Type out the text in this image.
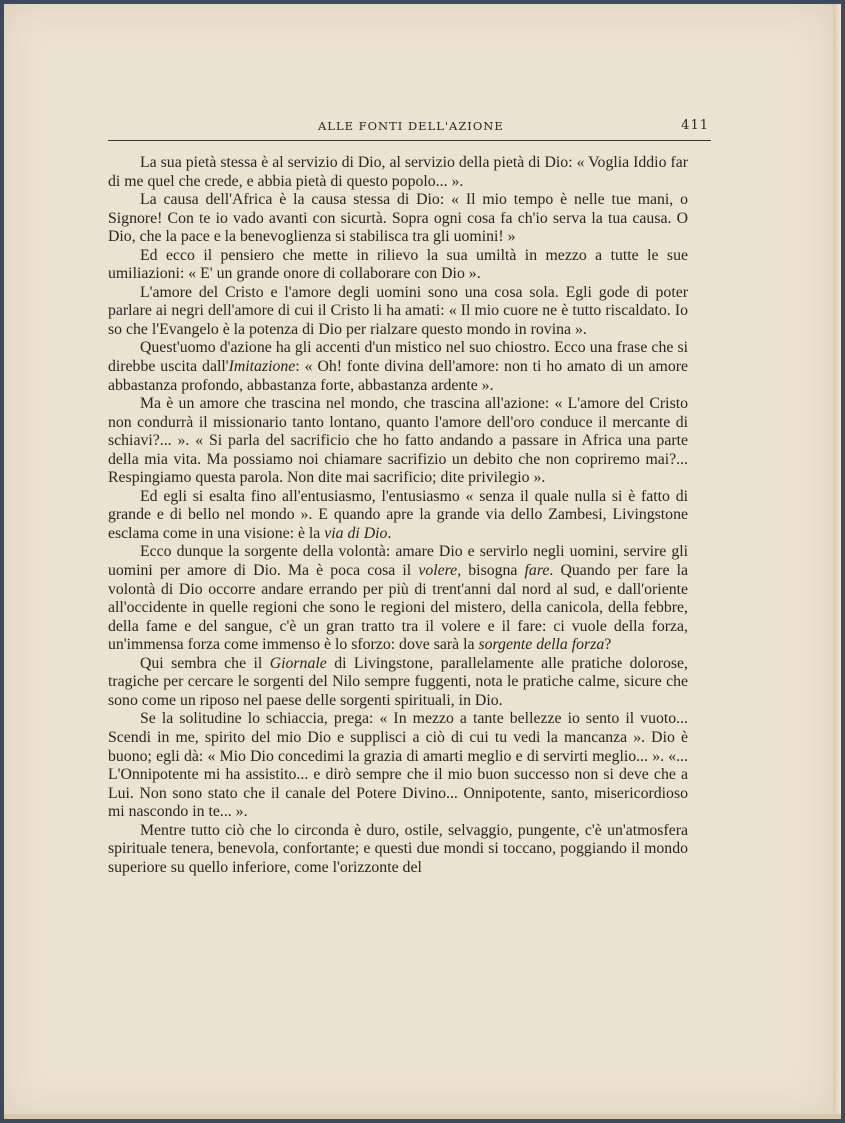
ALLE FONTI DELL'AZIONE	411

La sua pietà stessa è al servizio di Dio, al servizio della pietà di Dio: « Voglia Iddio far di me quel che crede, e abbia pietà di questo popolo... ».

La causa dell'Africa è la causa stessa di Dio: « Il mio tempo è nelle tue mani, o Signore! Con te io vado avanti con sicurtà. Sopra ogni cosa fa ch'io serva la tua causa. O Dio, che la pace e la benevoglienza si stabilisca tra gli uomini! »

Ed ecco il pensiero che mette in rilievo la sua umiltà in mezzo a tutte le sue umiliazioni: « E' un grande onore di collaborare con Dio ».

L'amore del Cristo e l'amore degli uomini sono una cosa sola. Egli gode di poter parlare ai negri dell'amore di cui il Cristo li ha amati: « Il mio cuore ne è tutto riscaldato. Io so che l'Evangelo è la potenza di Dio per rialzare questo mondo in rovina ».

Quest'uomo d'azione ha gli accenti d'un mistico nel suo chiostro. Ecco una frase che si direbbe uscita dall'Imitazione: « Oh! fonte divina dell'amore: non ti ho amato di un amore abbastanza profondo, abbastanza forte, abbastanza ardente ».

Ma è un amore che trascina nel mondo, che trascina all'azione: « L'amore del Cristo non condurrà il missionario tanto lontano, quanto l'amore dell'oro conduce il mercante di schiavi?... ». « Si parla del sacrificio che ho fatto andando a passare in Africa una parte della mia vita. Ma possiamo noi chiamare sacrifizio un debito che non copriremo mai?... Respingiamo questa parola. Non dite mai sacrificio; dite privilegio ».

Ed egli si esalta fino all'entusiasmo, l'entusiasmo « senza il quale nulla si è fatto di grande e di bello nel mondo ». E quando apre la grande via dello Zambesi, Livingstone esclama come in una visione: è la via di Dio.

Ecco dunque la sorgente della volontà: amare Dio e servirlo negli uomini, servire gli uomini per amore di Dio. Ma è poca cosa il volere, bisogna fare. Quando per fare la volontà di Dio occorre andare errando per più di trent'anni dal nord al sud, e dall'oriente all'occidente in quelle regioni che sono le regioni del mistero, della canicola, della febbre, della fame e del sangue, c'è un gran tratto tra il volere e il fare: ci vuole della forza, un'immensa forza come immenso è lo sforzo: dove sarà la sorgente della forza?

Qui sembra che il Giornale di Livingstone, parallelamente alle pratiche dolorose, tragiche per cercare le sorgenti del Nilo sempre fuggenti, nota le pratiche calme, sicure che sono come un riposo nel paese delle sorgenti spirituali, in Dio.

Se la solitudine lo schiaccia, prega: « In mezzo a tante bellezze io sento il vuoto... Scendi in me, spirito del mio Dio e supplisci a ciò di cui tu vedi la mancanza ». Dio è buono; egli dà: « Mio Dio concedimi la grazia di amarti meglio e di servirti meglio... ». «... L'Onnipotente mi ha assistito... e dirò sempre che il mio buon successo non si deve che a Lui. Non sono stato che il canale del Potere Divino... Onnipotente, santo, misericordioso mi nascondo in te... ».

Mentre tutto ciò che lo circonda è duro, ostile, selvaggio, pungente, c'è un'atmosfera spirituale tenera, benevola, confortante; e questi due mondi si toccano, poggiando il mondo superiore su quello inferiore, come l'orizzonte del
